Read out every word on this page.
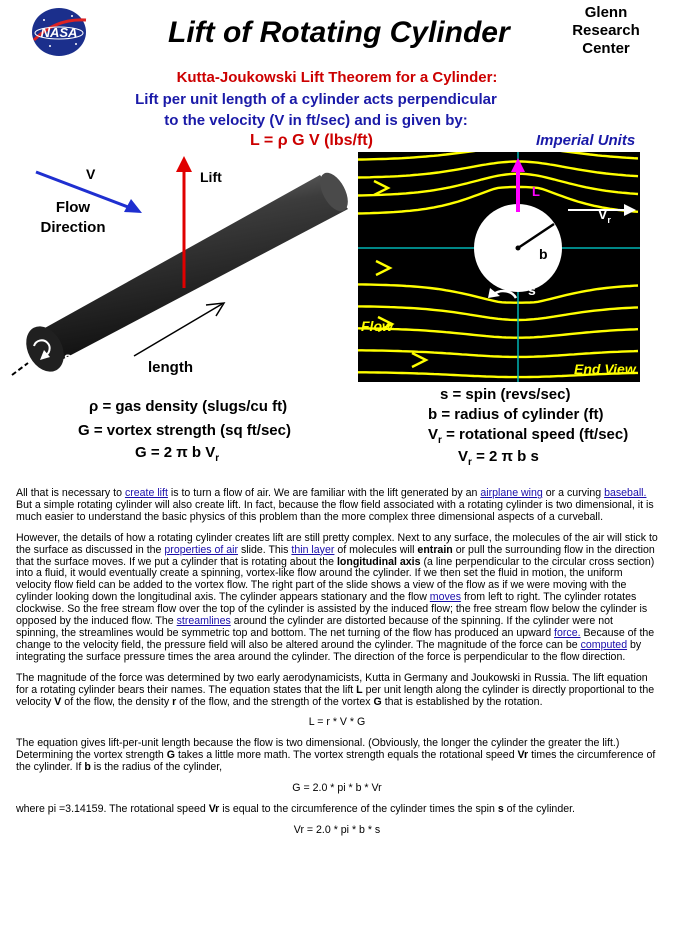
NASA	Lift of Rotating Cylinder
Glenn
Research
Center
Kutta-Joukowski Lift Theorem for a Cylinder:
Lift per unit length of a cylinder acts perpendicular
to the velocity (V in ft/sec) and is given by:
L = ρ G V (lbs/ft)	Imperial Units
V
Flow
Direction
Lift
s
length
L
$V_r$
b
s
Flow
End View
ρ = gas density (slugs/cu ft)
G = vortex strength (sq ft/sec)
G = 2 π b $V_r$
s = spin (revs/sec)
b = radius of cylinder (ft)
$V_r$ = rotational speed (ft/sec)
$V_r = 2$ π b s

All that is necessary to create lift is to turn a flow of air. We are familiar with the lift generated by an airplane wing or a curving baseball. But a simple rotating cylinder will also create lift. In fact, because the flow field associated with a rotating cylinder is two dimensional, it is much easier to understand the basic physics of this problem than the more complex three dimensional aspects of a curveball.

However, the details of how a rotating cylinder creates lift are still pretty complex. Next to any surface, the molecules of the air will stick to the surface as discussed in the properties of air slide. This thin layer of molecules will entrain or pull the surrounding flow in the direction that the surface moves. If we put a cylinder that is rotating about the longitudinal axis (a line perpendicular to the circular cross section) into a fluid, it would eventually create a spinning, vortex-like flow around the cylinder. If we then set the fluid in motion, the uniform velocity flow field can be added to the vortex flow. The right part of the slide shows a view of the flow as if we were moving with the cylinder looking down the longitudinal axis. The cylinder appears stationary and the flow moves from left to right. The cylinder rotates clockwise. So the free stream flow over the top of the cylinder is assisted by the induced flow; the free stream flow below the cylinder is opposed by the induced flow. The streamlines around the cylinder are distorted because of the spinning. If the cylinder were not spinning, the streamlines would be symmetric top and bottom. The net turning of the flow has produced an upward force. Because of the change to the velocity field, the pressure field will also be altered around the cylinder. The magnitude of the force can be computed by integrating the surface pressure times the area around the cylinder. The direction of the force is perpendicular to the flow direction.

The magnitude of the force was determined by two early aerodynamicists, Kutta in Germany and Joukowski in Russia. The lift equation for a rotating cylinder bears their names. The equation states that the lift L per unit length along the cylinder is directly proportional to the velocity V of the flow, the density r of the flow, and the strength of the vortex G that is established by the rotation.

L = r * V * G

The equation gives lift-per-unit length because the flow is two dimensional. (Obviously, the longer the cylinder the greater the lift.) Determining the vortex strength G takes a little more math. The vortex strength equals the rotational speed Vr times the circumference of the cylinder. If b is the radius of the cylinder,

G = 2.0 * pi * b * Vr

where pi =3.14159. The rotational speed Vr is equal to the circumference of the cylinder times the spin s of the cylinder.

Vr = 2.0 * pi * b * s
